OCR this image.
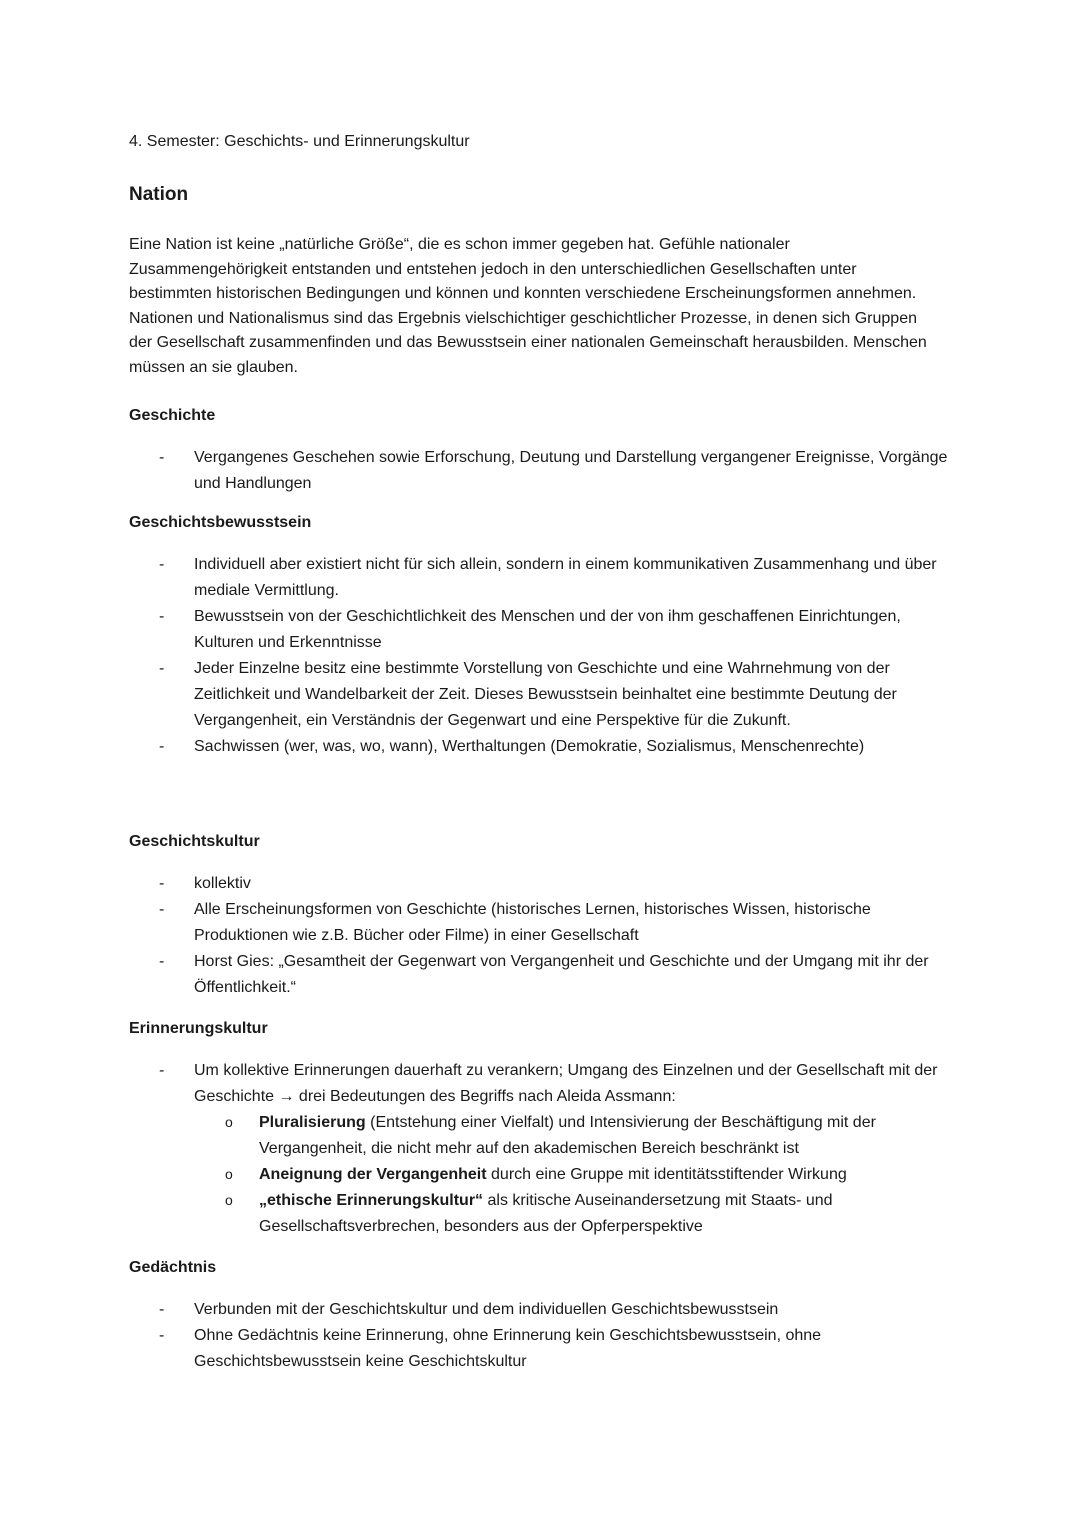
4. Semester: Geschichts- und Erinnerungskultur
Nation
Eine Nation ist keine „natürliche Größe“, die es schon immer gegeben hat. Gefühle nationaler Zusammengehörigkeit entstanden und entstehen jedoch in den unterschiedlichen Gesellschaften unter bestimmten historischen Bedingungen und können und konnten verschiedene Erscheinungsformen annehmen. Nationen und Nationalismus sind das Ergebnis vielschichtiger geschichtlicher Prozesse, in denen sich Gruppen der Gesellschaft zusammenfinden und das Bewusstsein einer nationalen Gemeinschaft herausbilden. Menschen müssen an sie glauben.
Geschichte
- Vergangenes Geschehen sowie Erforschung, Deutung und Darstellung vergangener Ereignisse, Vorgänge und Handlungen
Geschichtsbewusstsein
- Individuell aber existiert nicht für sich allein, sondern in einem kommunikativen Zusammenhang und über mediale Vermittlung.
- Bewusstsein von der Geschichtlichkeit des Menschen und der von ihm geschaffenen Einrichtungen, Kulturen und Erkenntnisse
- Jeder Einzelne besitz eine bestimmte Vorstellung von Geschichte und eine Wahrnehmung von der Zeitlichkeit und Wandelbarkeit der Zeit. Dieses Bewusstsein beinhaltet eine bestimmte Deutung der Vergangenheit, ein Verständnis der Gegenwart und eine Perspektive für die Zukunft.
- Sachwissen (wer, was, wo, wann), Werthaltungen (Demokratie, Sozialismus, Menschenrechte)
Geschichtskultur
- kollektiv
- Alle Erscheinungsformen von Geschichte (historisches Lernen, historisches Wissen, historische Produktionen wie z.B. Bücher oder Filme) in einer Gesellschaft
- Horst Gies: „Gesamtheit der Gegenwart von Vergangenheit und Geschichte und der Umgang mit ihr der Öffentlichkeit.“
Erinnerungskultur
- Um kollektive Erinnerungen dauerhaft zu verankern; Umgang des Einzelnen und der Gesellschaft mit der Geschichte → drei Bedeutungen des Begriffs nach Aleida Assmann:
o Pluralisierung (Entstehung einer Vielfalt) und Intensivierung der Beschäftigung mit der Vergangenheit, die nicht mehr auf den akademischen Bereich beschränkt ist
o Aneignung der Vergangenheit durch eine Gruppe mit identitätsstiftender Wirkung
o „ethische Erinnerungskultur“ als kritische Auseinandersetzung mit Staats- und Gesellschaftsverbrechen, besonders aus der Opferperspektive
Gedächtnis
- Verbunden mit der Geschichtskultur und dem individuellen Geschichtsbewusstsein
- Ohne Gedächtnis keine Erinnerung, ohne Erinnerung kein Geschichtsbewusstsein, ohne Geschichtsbewusstsein keine Geschichtskultur
